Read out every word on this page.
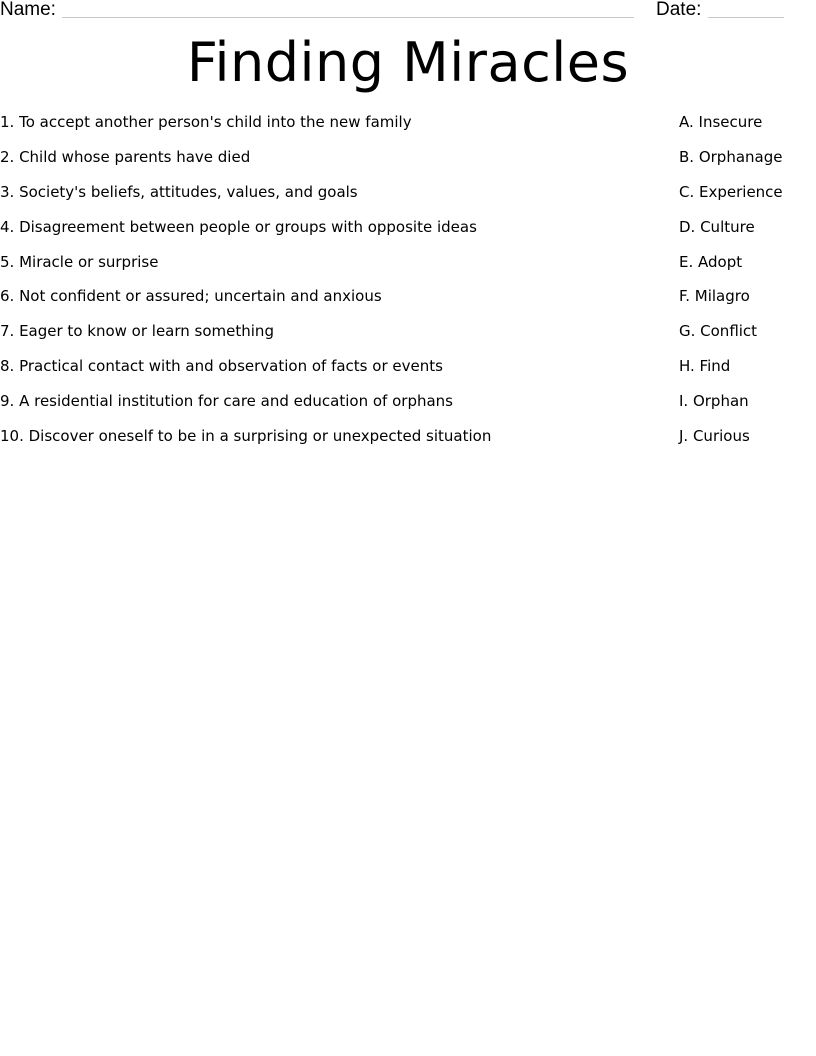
Name:	Date:
Finding Miracles
1. To accept another person's child into the new family
2. Child whose parents have died
3. Society's beliefs, attitudes, values, and goals
4. Disagreement between people or groups with opposite ideas
5. Miracle or surprise
6. Not confident or assured; uncertain and anxious
7. Eager to know or learn something
8. Practical contact with and observation of facts or events
9. A residential institution for care and education of orphans
10. Discover oneself to be in a surprising or unexpected situation
A. Insecure
B. Orphanage
C. Experience
D. Culture
E. Adopt
F. Milagro
G. Conflict
H. Find
I. Orphan
J. Curious
